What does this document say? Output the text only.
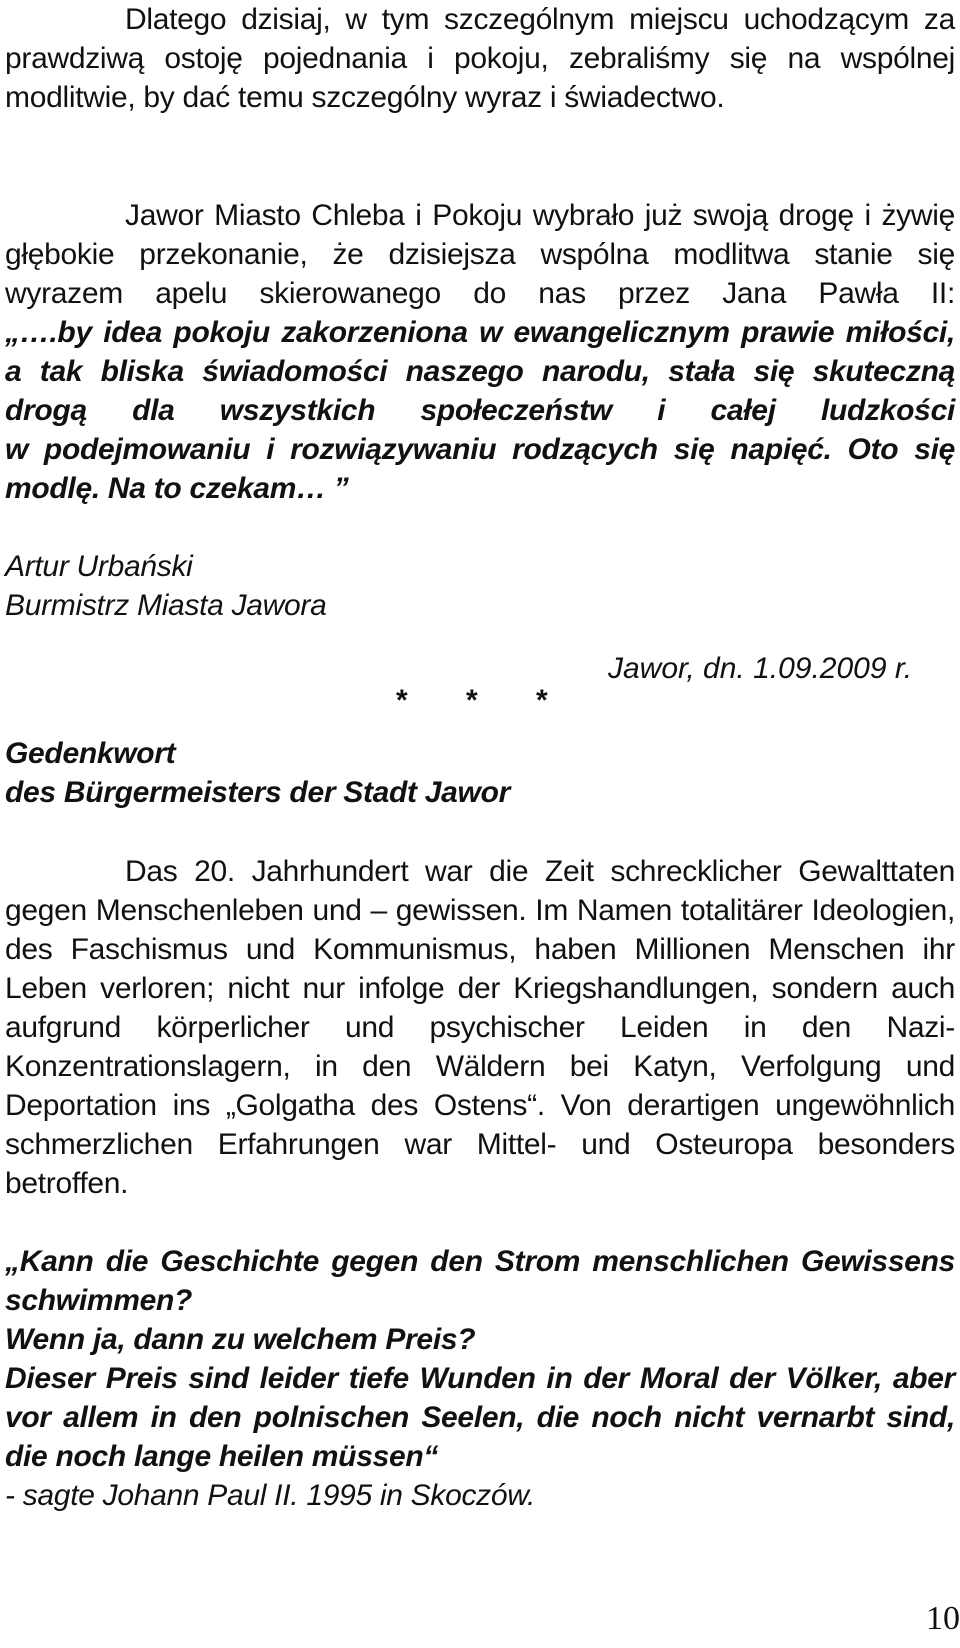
Dlatego dzisiaj, w tym szczególnym miejscu uchodzącym za
prawdziwą ostoję pojednania i pokoju, zebraliśmy się na wspólnej
modlitwie, by dać temu szczególny wyraz i świadectwo.
Jawor Miasto Chleba i Pokoju wybrało już swoją drogę i żywię
głębokie przekonanie, że dzisiejsza wspólna modlitwa stanie się
wyrazem apelu skierowanego do nas przez Jana Pawła II:
„….by idea pokoju zakorzeniona w ewangelicznym prawie miłości,
a tak bliska świadomości naszego narodu, stała się skuteczną
drogą dla wszystkich społeczeństw i całej ludzkości
w podejmowaniu i rozwiązywaniu rodzących się napięć. Oto się
modlę. Na to czekam… ”
Artur Urbański
Burmistrz Miasta Jawora
Jawor, dn. 1.09.2009 r.
* * *
Gedenkwort
des Bürgermeisters der Stadt Jawor
Das 20. Jahrhundert war die Zeit schrecklicher Gewalttaten
gegen Menschenleben und – gewissen. Im Namen totalitärer Ideologien,
des Faschismus und Kommunismus, haben Millionen Menschen ihr
Leben verloren; nicht nur infolge der Kriegshandlungen, sondern auch
aufgrund körperlicher und psychischer Leiden in den Nazi-
Konzentrationslagern, in den Wäldern bei Katyn, Verfolgung und
Deportation ins „Golgatha des Ostens“. Von derartigen ungewöhnlich
schmerzlichen Erfahrungen war Mittel- und Osteuropa besonders
betroffen.
„Kann die Geschichte gegen den Strom menschlichen Gewissens
schwimmen?
Wenn ja, dann zu welchem Preis?
Dieser Preis sind leider tiefe Wunden in der Moral der Völker, aber
vor allem in den polnischen Seelen, die noch nicht vernarbt sind,
die noch lange heilen müssen“
- sagte Johann Paul II. 1995 in Skoczów.
10
